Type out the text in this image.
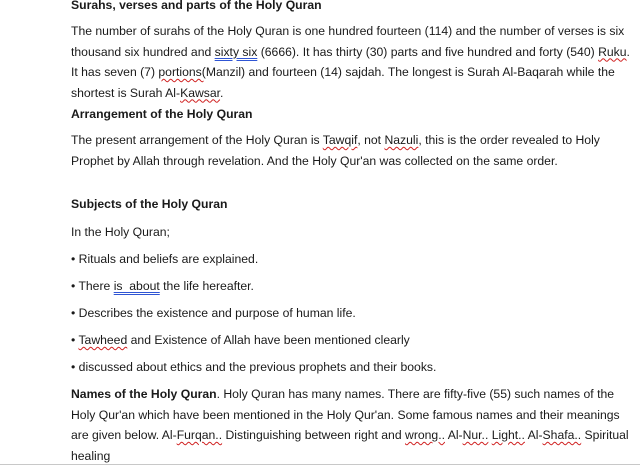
Surahs, verses and parts of the Holy Quran
The number of surahs of the Holy Quran is one hundred fourteen (114) and the number of verses is six thousand six hundred and sixty six (6666). It has thirty (30) parts and five hundred and forty (540) Ruku. It has seven (7) portions(Manzil) and fourteen (14) sajdah. The longest is Surah Al-Baqarah while the shortest is Surah Al-Kawsar.
Arrangement of the Holy Quran
The present arrangement of the Holy Quran is Tawqif, not Nazuli, this is the order revealed to Holy Prophet by Allah through revelation. And the Holy Qur'an was collected on the same order.
Subjects of the Holy Quran
In the Holy Quran;
• Rituals and beliefs are explained.
• There is  about the life hereafter.
• Describes the existence and purpose of human life.
• Tawheed and Existence of Allah have been mentioned clearly
• discussed about ethics and the previous prophets and their books.
Names of the Holy Quran. Holy Quran has many names. There are fifty-five (55) such names of the Holy Qur'an which have been mentioned in the Holy Qur'an. Some famous names and their meanings are given below. Al-Furqan.. Distinguishing between right and wrong.. Al-Nur.. Light.. Al-Shafa.. Spiritual healing
